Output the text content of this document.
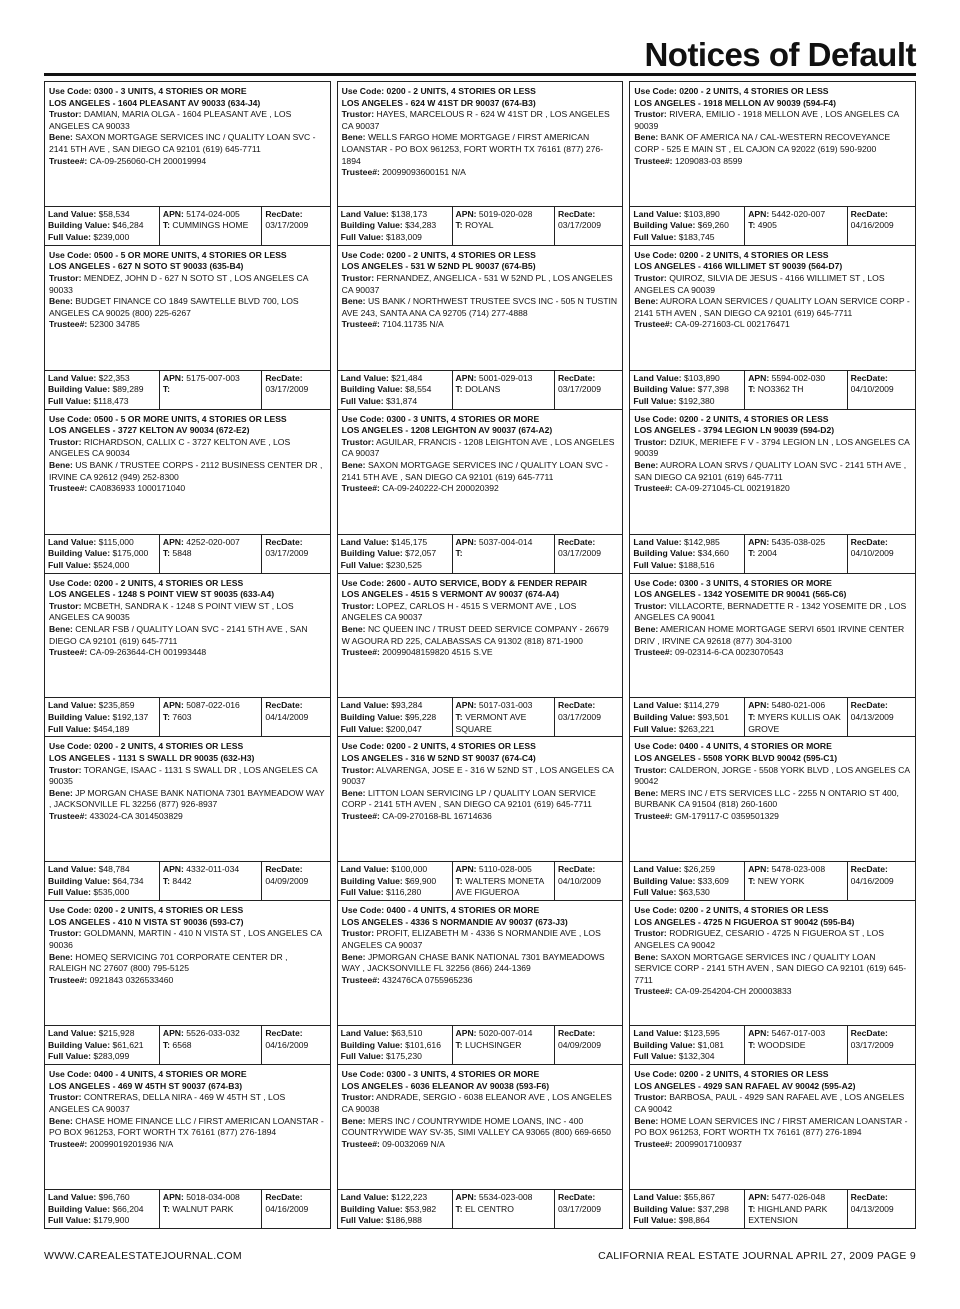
Notices of Default
Use Code: 0300 - 3 UNITS, 4 STORIES OR MORE
LOS ANGELES - 1604 PLEASANT AV 90033 (634-J4)
Trustor: DAMIAN, MARIA OLGA - 1604 PLEASANT AVE , LOS ANGELES CA 90033
Bene: SAXON MORTGAGE SERVICES INC / QUALITY LOAN SVC - 2141 5TH AVE , SAN DIEGO CA 92101 (619) 645-7711
Trustee#: CA-09-256060-CH 200019994
Land Value: $58,534
Building Value: $46,284
Full Value: $239,000
APN: 5174-024-005
T: CUMMINGS HOME
RecDate:
03/17/2009
Use Code: 0200 - 2 UNITS, 4 STORIES OR LESS
LOS ANGELES - 624 W 41ST DR 90037 (674-B3)
Trustor: HAYES, MARCELOUS R - 624 W 41ST DR , LOS ANGELES CA 90037
Bene: WELLS FARGO HOME MORTGAGE / FIRST AMERICAN LOANSTAR - PO BOX 961253, FORT WORTH TX 76161 (877) 276-1894
Trustee#: 20099093600151 N/A
Land Value: $138,173
Building Value: $34,283
Full Value: $183,009
APN: 5019-020-028
T: ROYAL
RecDate:
03/17/2009
Use Code: 0200 - 2 UNITS, 4 STORIES OR LESS
LOS ANGELES - 1918 MELLON AV 90039 (594-F4)
Trustor: RIVERA, EMILIO - 1918 MELLON AVE , LOS ANGELES CA 90039
Bene: BANK OF AMERICA NA / CAL-WESTERN RECOVEYANCE CORP - 525 E MAIN ST , EL CAJON CA 92022 (619) 590-9200
Trustee#: 1209083-03 8599
Land Value: $103,890
Building Value: $69,260
Full Value: $183,745
APN: 5442-020-007
T: 4905
RecDate:
04/16/2009
Use Code: 0500 - 5 OR MORE UNITS, 4 STORIES OR LESS
LOS ANGELES - 627 N SOTO ST 90033 (635-B4)
Trustor: MENDEZ, JOHN D - 627 N SOTO ST , LOS ANGELES CA 90033
Bene: BUDGET FINANCE CO 1849 SAWTELLE BLVD 700, LOS ANGELES CA 90025 (800) 225-6267
Trustee#: 52300 34785
Land Value: $22,353
Building Value: $89,289
Full Value: $118,473
APN: 5175-007-003
T:
RecDate:
03/17/2009
Use Code: 0200 - 2 UNITS, 4 STORIES OR LESS
LOS ANGELES - 531 W 52ND PL 90037 (674-B5)
Trustor: FERNANDEZ, ANGELICA - 531 W 52ND PL , LOS ANGELES CA 90037
Bene: US BANK / NORTHWEST TRUSTEE SVCS INC - 505 N TUSTIN AVE 243, SANTA ANA CA 92705 (714) 277-4888
Trustee#: 7104.11735 N/A
Land Value: $21,484
Building Value: $8,554
Full Value: $31,874
APN: 5001-029-013
T: DOLANS
RecDate:
03/17/2009
Use Code: 0200 - 2 UNITS, 4 STORIES OR LESS
LOS ANGELES - 4166 WILLIMET ST 90039 (564-D7)
Trustor: QUIROZ, SILVIA DE JESUS - 4166 WILLIMET ST , LOS ANGELES CA 90039
Bene: AURORA LOAN SERVICES / QUALITY LOAN SERVICE CORP - 2141 5TH AVEN , SAN DIEGO CA 92101 (619) 645-7711
Trustee#: CA-09-271603-CL 002176471
Land Value: $103,890
Building Value: $77,398
Full Value: $192,380
APN: 5594-002-030
T: NO3362 TH
RecDate:
04/10/2009
Use Code: 0500 - 5 OR MORE UNITS, 4 STORIES OR LESS
LOS ANGELES - 3727 KELTON AV 90034 (672-E2)
Trustor: RICHARDSON, CALLIX C - 3727 KELTON AVE , LOS ANGELES CA 90034
Bene: US BANK / TRUSTEE CORPS - 2112 BUSINESS CENTER DR , IRVINE CA 92612 (949) 252-8300
Trustee#: CA0836933 1000171040
Land Value: $115,000
Building Value: $175,000
Full Value: $524,000
APN: 4252-020-007
T: 5848
RecDate:
03/17/2009
Use Code: 0300 - 3 UNITS, 4 STORIES OR MORE
LOS ANGELES - 1208 LEIGHTON AV 90037 (674-A2)
Trustor: AGUILAR, FRANCIS - 1208 LEIGHTON AVE , LOS ANGELES CA 90037
Bene: SAXON MORTGAGE SERVICES INC / QUALITY LOAN SVC - 2141 5TH AVE , SAN DIEGO CA 92101 (619) 645-7711
Trustee#: CA-09-240222-CH 200020392
Land Value: $145,175
Building Value: $72,057
Full Value: $230,525
APN: 5037-004-014
T:
RecDate:
03/17/2009
Use Code: 0200 - 2 UNITS, 4 STORIES OR LESS
LOS ANGELES - 3794 LEGION LN 90039 (594-D2)
Trustor: DZIUK, MERIEFE F V - 3794 LEGION LN , LOS ANGELES CA 90039
Bene: AURORA LOAN SRVS / QUALITY LOAN SVC - 2141 5TH AVE , SAN DIEGO CA 92101 (619) 645-7711
Trustee#: CA-09-271045-CL 002191820
Land Value: $142,985
Building Value: $34,660
Full Value: $188,516
APN: 5435-038-025
T: 2004
RecDate:
04/10/2009
Use Code: 0200 - 2 UNITS, 4 STORIES OR LESS
LOS ANGELES - 1248 S POINT VIEW ST 90035 (633-A4)
Trustor: MCBETH, SANDRA K - 1248 S POINT VIEW ST , LOS ANGELES CA 90035
Bene: CENLAR FSB / QUALITY LOAN SVC - 2141 5TH AVE , SAN DIEGO CA 92101 (619) 645-7711
Trustee#: CA-09-263644-CH 001993448
Land Value: $235,859
Building Value: $192,137
Full Value: $454,189
APN: 5087-022-016
T: 7603
RecDate:
04/14/2009
Use Code: 2600 - AUTO SERVICE, BODY & FENDER REPAIR
LOS ANGELES - 4515 S VERMONT AV 90037 (674-A4)
Trustor: LOPEZ, CARLOS H - 4515 S VERMONT AVE , LOS ANGELES CA 90037
Bene: NC QUEEN INC / TRUST DEED SERVICE COMPANY - 26679 W AGOURA RD 225, CALABASSAS CA 91302 (818) 871-1900
Trustee#: 20099048159820 4515 S.VE
Land Value: $93,284
Building Value: $95,228
Full Value: $200,047
APN: 5017-031-003
T: VERMONT AVE SQUARE
RecDate:
03/17/2009
Use Code: 0300 - 3 UNITS, 4 STORIES OR MORE
LOS ANGELES - 1342 YOSEMITE DR 90041 (565-C6)
Trustor: VILLACORTE, BERNADETTE R - 1342 YOSEMITE DR , LOS ANGELES CA 90041
Bene: AMERICAN HOME MORTGAGE SERVI 6501 IRVINE CENTER DRIV , IRVINE CA 92618 (877) 304-3100
Trustee#: 09-02314-6-CA 0023070543
Land Value: $114,279
Building Value: $93,501
Full Value: $263,221
APN: 5480-021-006
T: MYERS KULLIS OAK GROVE
RecDate:
04/13/2009
Use Code: 0200 - 2 UNITS, 4 STORIES OR LESS
LOS ANGELES - 1131 S SWALL DR 90035 (632-H3)
Trustor: TORANGE, ISAAC - 1131 S SWALL DR , LOS ANGELES CA 90035
Bene: JP MORGAN CHASE BANK NATIONA 7301 BAYMEADOW WAY , JACKSONVILLE FL 32256 (877) 926-8937
Trustee#: 433024-CA 3014503829
Land Value: $48,784
Building Value: $64,734
Full Value: $535,000
APN: 4332-011-034
T: 8442
RecDate:
04/09/2009
Use Code: 0200 - 2 UNITS, 4 STORIES OR LESS
LOS ANGELES - 316 W 52ND ST 90037 (674-C4)
Trustor: ALVARENGA, JOSE E - 316 W 52ND ST , LOS ANGELES CA 90037
Bene: LITTON LOAN SERVICING LP / QUALITY LOAN SERVICE CORP - 2141 5TH AVEN , SAN DIEGO CA 92101 (619) 645-7711
Trustee#: CA-09-270168-BL 16714636
Land Value: $100,000
Building Value: $69,900
Full Value: $116,280
APN: 5110-028-005
T: WALTERS MONETA AVE FIGUEROA
RecDate:
04/10/2009
Use Code: 0400 - 4 UNITS, 4 STORIES OR MORE
LOS ANGELES - 5508 YORK BLVD 90042 (595-C1)
Trustor: CALDERON, JORGE - 5508 YORK BLVD , LOS ANGELES CA 90042
Bene: MERS INC / ETS SERVICES LLC - 2255 N ONTARIO ST 400, BURBANK CA 91504 (818) 260-1600
Trustee#: GM-179117-C 0359501329
Land Value: $26,259
Building Value: $33,609
Full Value: $63,530
APN: 5478-023-008
T: NEW YORK
RecDate:
04/16/2009
Use Code: 0200 - 2 UNITS, 4 STORIES OR LESS
LOS ANGELES - 410 N VISTA ST 90036 (593-C7)
Trustor: GOLDMANN, MARTIN - 410 N VISTA ST , LOS ANGELES CA 90036
Bene: HOMEQ SERVICING 701 CORPORATE CENTER DR , RALEIGH NC 27607 (800) 795-5125
Trustee#: 0921843 0326533460
Land Value: $215,928
Building Value: $61,621
Full Value: $283,099
APN: 5526-033-032
T: 6568
RecDate:
04/16/2009
Use Code: 0400 - 4 UNITS, 4 STORIES OR MORE
LOS ANGELES - 4336 S NORMANDIE AV 90037 (673-J3)
Trustor: PROFIT, ELIZABETH M - 4336 S NORMANDIE AVE , LOS ANGELES CA 90037
Bene: JPMORGAN CHASE BANK NATIONAL 7301 BAYMEADOWS WAY , JACKSONVILLE FL 32256 (866) 244-1369
Trustee#: 432476CA 0755965236
Land Value: $63,510
Building Value: $101,616
Full Value: $175,230
APN: 5020-007-014
T: LUCHSINGER
RecDate:
04/09/2009
Use Code: 0200 - 2 UNITS, 4 STORIES OR LESS
LOS ANGELES - 4725 N FIGUEROA ST 90042 (595-B4)
Trustor: RODRIGUEZ, CESARIO - 4725 N FIGUEROA ST , LOS ANGELES CA 90042
Bene: SAXON MORTGAGE SERVICES INC / QUALITY LOAN SERVICE CORP - 2141 5TH AVEN , SAN DIEGO CA 92101 (619) 645-7711
Trustee#: CA-09-254204-CH 200003833
Land Value: $123,595
Building Value: $1,081
Full Value: $132,304
APN: 5467-017-003
T: WOODSIDE
RecDate:
03/17/2009
Use Code: 0400 - 4 UNITS, 4 STORIES OR MORE
LOS ANGELES - 469 W 45TH ST 90037 (674-B3)
Trustor: CONTRERAS, DELLA NIRA - 469 W 45TH ST , LOS ANGELES CA 90037
Bene: CHASE HOME FINANCE LLC / FIRST AMERICAN LOANSTAR - PO BOX 961253, FORT WORTH TX 76161 (877) 276-1894
Trustee#: 20099019201936 N/A
Land Value: $96,760
Building Value: $66,204
Full Value: $179,900
APN: 5018-034-008
T: WALNUT PARK
RecDate:
04/16/2009
Use Code: 0300 - 3 UNITS, 4 STORIES OR MORE
LOS ANGELES - 6036 ELEANOR AV 90038 (593-F6)
Trustor: ANDRADE, SERGIO - 6038 ELEANOR AVE , LOS ANGELES CA 90038
Bene: MERS INC / COUNTRYWIDE HOME LOANS, INC - 400 COUNTRYWIDE WAY SV-35, SIMI VALLEY CA 93065 (800) 669-6650
Trustee#: 09-0032069 N/A
Land Value: $122,223
Building Value: $53,982
Full Value: $186,988
APN: 5534-023-008
T: EL CENTRO
RecDate:
03/17/2009
Use Code: 0200 - 2 UNITS, 4 STORIES OR LESS
LOS ANGELES - 4929 SAN RAFAEL AV 90042 (595-A2)
Trustor: BARBOSA, PAUL - 4929 SAN RAFAEL AVE , LOS ANGELES CA 90042
Bene: HOME LOAN SERVICES INC / FIRST AMERICAN LOANSTAR - PO BOX 961253, FORT WORTH TX 76161 (877) 276-1894
Trustee#: 20099017100937
Land Value: $55,867
Building Value: $37,298
Full Value: $98,864
APN: 5477-026-048
T: HIGHLAND PARK EXTENSION
RecDate:
04/13/2009
WWW.CAREALESTATEJOURNAL.COM	CALIFORNIA REAL ESTATE JOURNAL APRIL 27, 2009 PAGE 9
